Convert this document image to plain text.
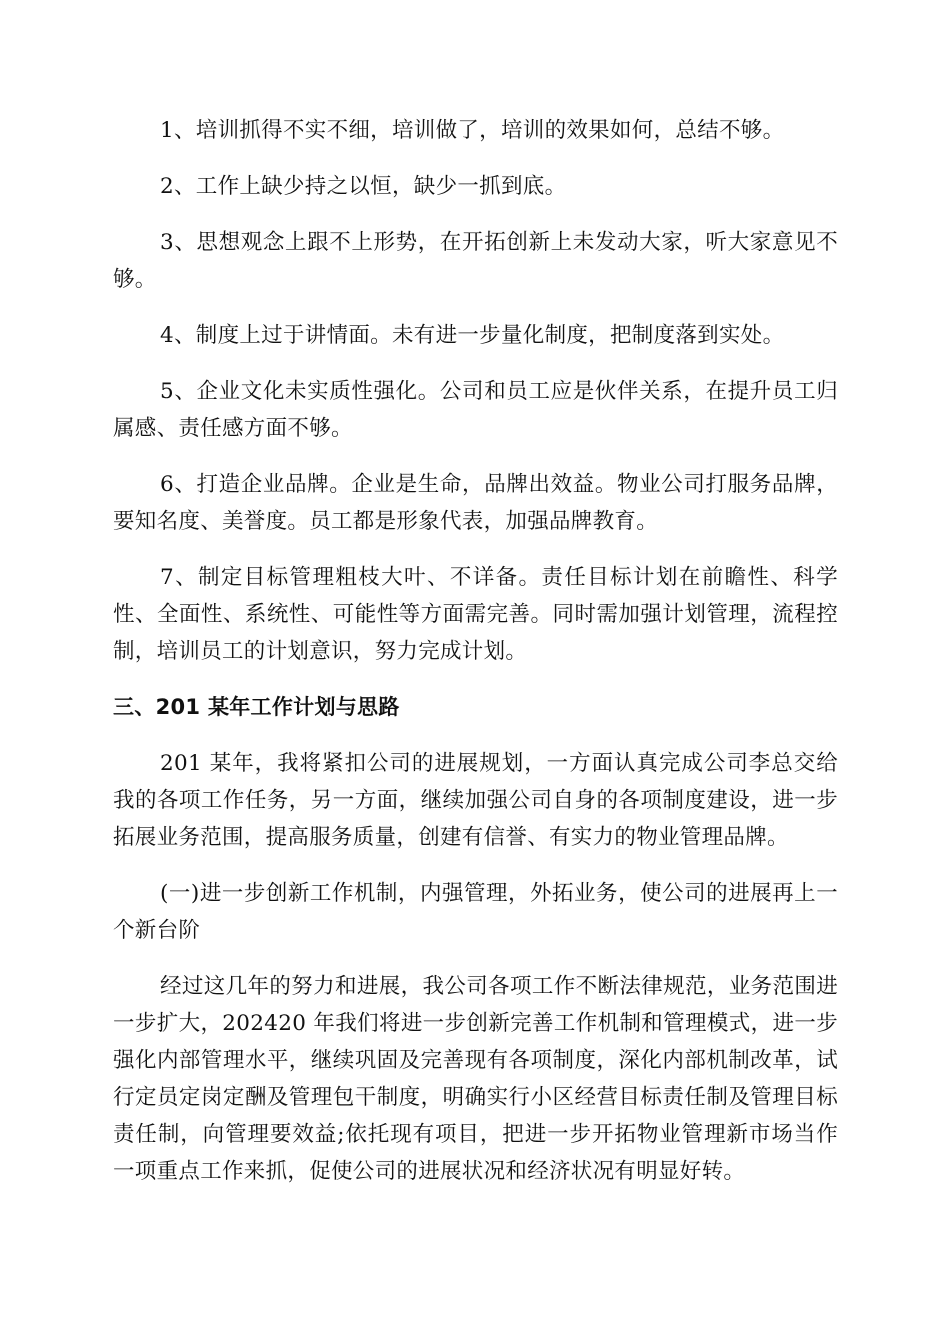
1、培训抓得不实不细，培训做了，培训的效果如何，总结不够。

2、工作上缺少持之以恒，缺少一抓到底。

3、思想观念上跟不上形势，在开拓创新上未发动大家，听大家意见不够。

4、制度上过于讲情面。未有进一步量化制度，把制度落到实处。

5、企业文化未实质性强化。公司和员工应是伙伴关系，在提升员工归属感、责任感方面不够。

6、打造企业品牌。企业是生命，品牌出效益。物业公司打服务品牌，要知名度、美誉度。员工都是形象代表，加强品牌教育。

7、制定目标管理粗枝大叶、不详备。责任目标计划在前瞻性、科学性、全面性、系统性、可能性等方面需完善。同时需加强计划管理，流程控制，培训员工的计划意识，努力完成计划。

三、201 某年工作计划与思路

201 某年，我将紧扣公司的进展规划，一方面认真完成公司李总交给我的各项工作任务，另一方面，继续加强公司自身的各项制度建设，进一步拓展业务范围，提高服务质量，创建有信誉、有实力的物业管理品牌。

(一)进一步创新工作机制，内强管理，外拓业务，使公司的进展再上一个新台阶

经过这几年的努力和进展，我公司各项工作不断法律规范，业务范围进一步扩大，202420 年我们将进一步创新完善工作机制和管理模式，进一步强化内部管理水平，继续巩固及完善现有各项制度，深化内部机制改革，试行定员定岗定酬及管理包干制度，明确实行小区经营目标责任制及管理目标责任制，向管理要效益;依托现有项目，把进一步开拓物业管理新市场当作一项重点工作来抓，促使公司的进展状况和经济状况有明显好转。
